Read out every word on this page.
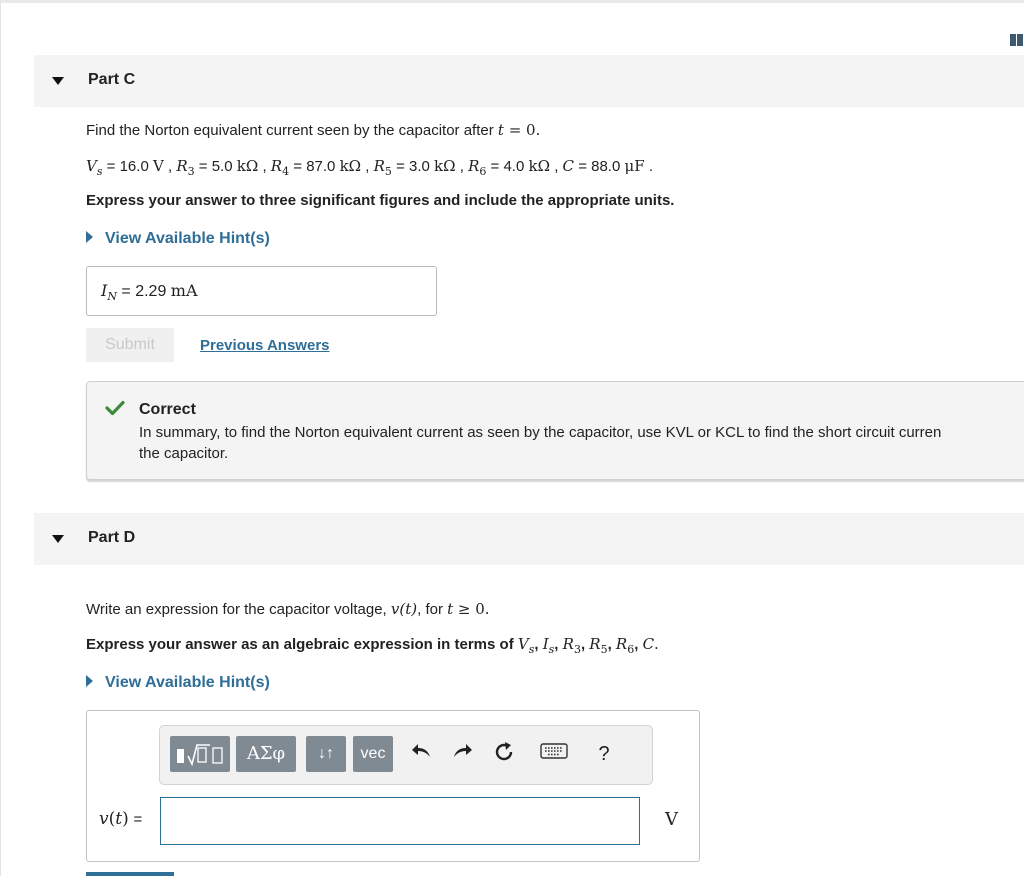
Part C
Find the Norton equivalent current seen by the capacitor after t = 0.
$V_s = 16.0$ V , $R_3 = 5.0$ kΩ , $R_4 = 87.0$ kΩ , $R_5 = 3.0$ kΩ , $R_6 = 4.0$ kΩ , C = 88.0 μF .
Express your answer to three significant figures and include the appropriate units.
View Available Hint(s)
$I_N = 2.29$ mA
Submit	Previous Answers
Correct
In summary, to find the Norton equivalent current as seen by the capacitor, use KVL or KCL to find the short circuit curren
the capacitor.
Part D
Write an expression for the capacitor voltage, v(t), for t ≥ 0.
Express your answer as an algebraic expression in terms of $V_s$, $I_s$, $R_3$, $R_5$, $R_6$, C.
View Available Hint(s)
ΑΣφ	↓↑	vec	?
v(t) =	V
